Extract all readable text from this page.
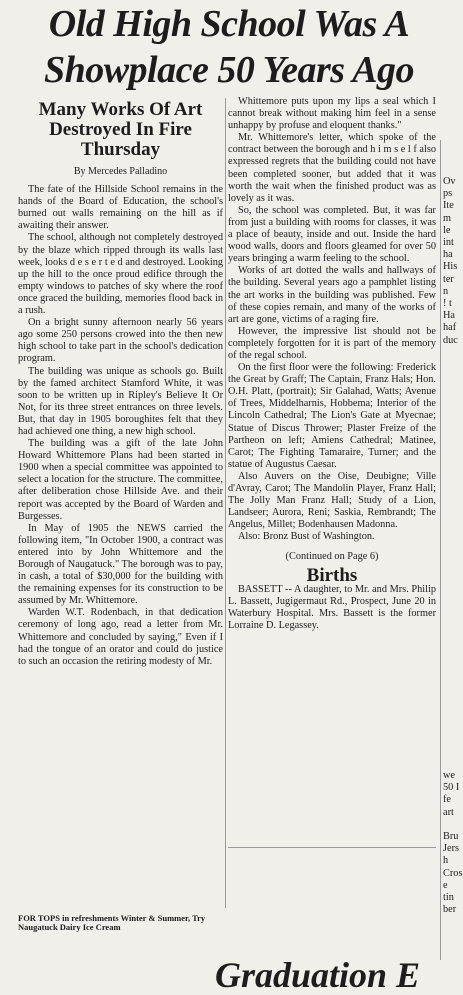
Old High School Was A
Showplace 50 Years Ago
Many Works Of Art Destroyed In Fire Thursday
By Mercedes Palladino

The fate of the Hillside School remains in the hands of the Board of Education, the school's burned out walls remaining on the hill as if awaiting their answer.

The school, although not completely destroyed by the blaze which ripped through its walls last week, looks d e s e r t e d and destroyed. Looking up the hill to the once proud edifice through the empty windows to patches of sky where the roof once graced the building, memories flood back in a rush.

On a bright sunny afternoon nearly 56 years ago some 250 persons crowed into the then new high school to take part in the school's dedication program.

The building was unique as schools go. Built by the famed architect Stamford White, it was soon to be written up in Ripley's Believe It Or Not, for its three street entrances on three levels. But, that day in 1905 boroughites felt that they had achieved one thing, a new high school.

The building was a gift of the late John Howard Whittemore Plans had been started in 1900 when a special committee was appointed to select a location for the structure. The committee, after deliberation chose Hillside Ave. and their report was accepted by the Board of Warden and Burgesses.

In May of 1905 the NEWS carried the following item, "In October 1900, a contract was entered into by John Whittemore and the Borough of Naugatuck." The borough was to pay, in cash, a total of $30,000 for the building with the remaining expenses for its construction to be assumed by Mr. Whittemore.

Warden W.T. Rodenbach, in that dedication ceremony of long ago, read a letter from Mr. Whittemore and concluded by saying," Even if I had the tongue of an orator and could do justice to such an occasion the retiring modesty of Mr.

Whittemore puts upon my lips a seal which I cannot break without making him feel in a sense unhappy by profuse and eloquent thanks."

Mr. Whittemore's letter, which spoke of the contract between the borough and h i m s e l f also expressed regrets that the building could not have been completed sooner, but added that it was worth the wait when the finished product was as lovely as it was.

So, the school was completed. But, it was far from just a building with rooms for classes, it was a place of beauty, inside and out. Inside the hard wood walls, doors and floors gleamed for over 50 years bringing a warm feeling to the school.

Works of art dotted the walls and hallways of the building. Several years ago a pamphlet listing the art works in the building was published. Few of these copies remain, and many of the works of art are gone, victims of a raging fire.

However, the impressive list should not be completely forgotten for it is part of the memory of the regal school.

On the first floor were the following: Frederick the Great by Graff; The Captain, Franz Hals; Hon. O.H. Platt, (portrait); Sir Galahad, Watts; Avenue of Trees, Middelharnis, Hobbema; Interior of the Lincoln Cathedral; The Lion's Gate at Myecnae; Statue of Discus Thrower; Plaster Freize of the Partheon on left; Amiens Cathedral; Matinee, Carot; The Fighting Tamaraire, Turner; and the statue of Augustus Caesar.

Also Auvers on the Oise, Deubigne; Ville d'Avray, Carot; The Mandolin Player, Franz Hall; The Jolly Man Franz Hall; Study of a Lion, Landseer; Aurora, Reni; Saskia, Rembrandt; The Angelus, Millet; Bodenhausen Madonna.

Also: Bronz Bust of Washington.

(Continued on Page 6)
Births

BASSETT -- A daughter, to Mr. and Mrs. Philip L. Bassett, Jugigermaut Rd., Prospect, June 20 in Waterbury Hospital. Mrs. Bassett is the former Lorraine D. Legassey.

FOR TOPS in refreshments Winter & Summer, Try Naugatuck Dairy Ice Cream
Ov
ps
Ite
m
le
int
ha
His
ter
n
! t
Ha
haf
duc
we
50 I
fe
art

Bru
Jers
h
Cros
e
tin
ber
Graduation E
